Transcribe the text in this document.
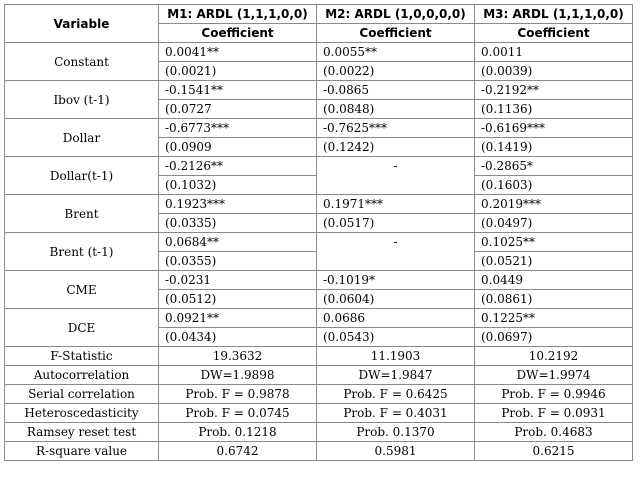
Variable	M1: ARDL (1,1,1,0,0)	M2: ARDL (1,0,0,0,0)	M3: ARDL (1,1,1,0,0)
	Coefficient	Coefficient	Coefficient
Constant	0.0041**	0.0055**	0.0011
	(0.0021)	(0.0022)	(0.0039)
Ibov (t-1)	-0.1541**	-0.0865	-0.2192**
	(0.0727	(0.0848)	(0.1136)
Dollar	-0.6773***	-0.7625***	-0.6169***
	(0.0909	(0.1242)	(0.1419)
Dollar(t-1)	-0.2126**	-	-0.2865*
	(0.1032)		(0.1603)
Brent	0.1923***	0.1971***	0.2019***
	(0.0335)	(0.0517)	(0.0497)
Brent (t-1)	0.0684**	-	0.1025**
	(0.0355)		(0.0521)
CME	-0.0231	-0.1019*	0.0449
	(0.0512)	(0.0604)	(0.0861)
DCE	0.0921**	0.0686	0.1225**
	(0.0434)	(0.0543)	(0.0697)
F-Statistic	19.3632	11.1903	10.2192
Autocorrelation	DW=1.9898	DW=1.9847	DW=1.9974
Serial correlation	Prob. F = 0.9878	Prob. F = 0.6425	Prob. F = 0.9946
Heteroscedasticity	Prob. F = 0.0745	Prob. F = 0.4031	Prob. F = 0.0931
Ramsey reset test	Prob. 0.1218	Prob. 0.1370	Prob. 0.4683
R-square value	0.6742	0.5981	0.6215
